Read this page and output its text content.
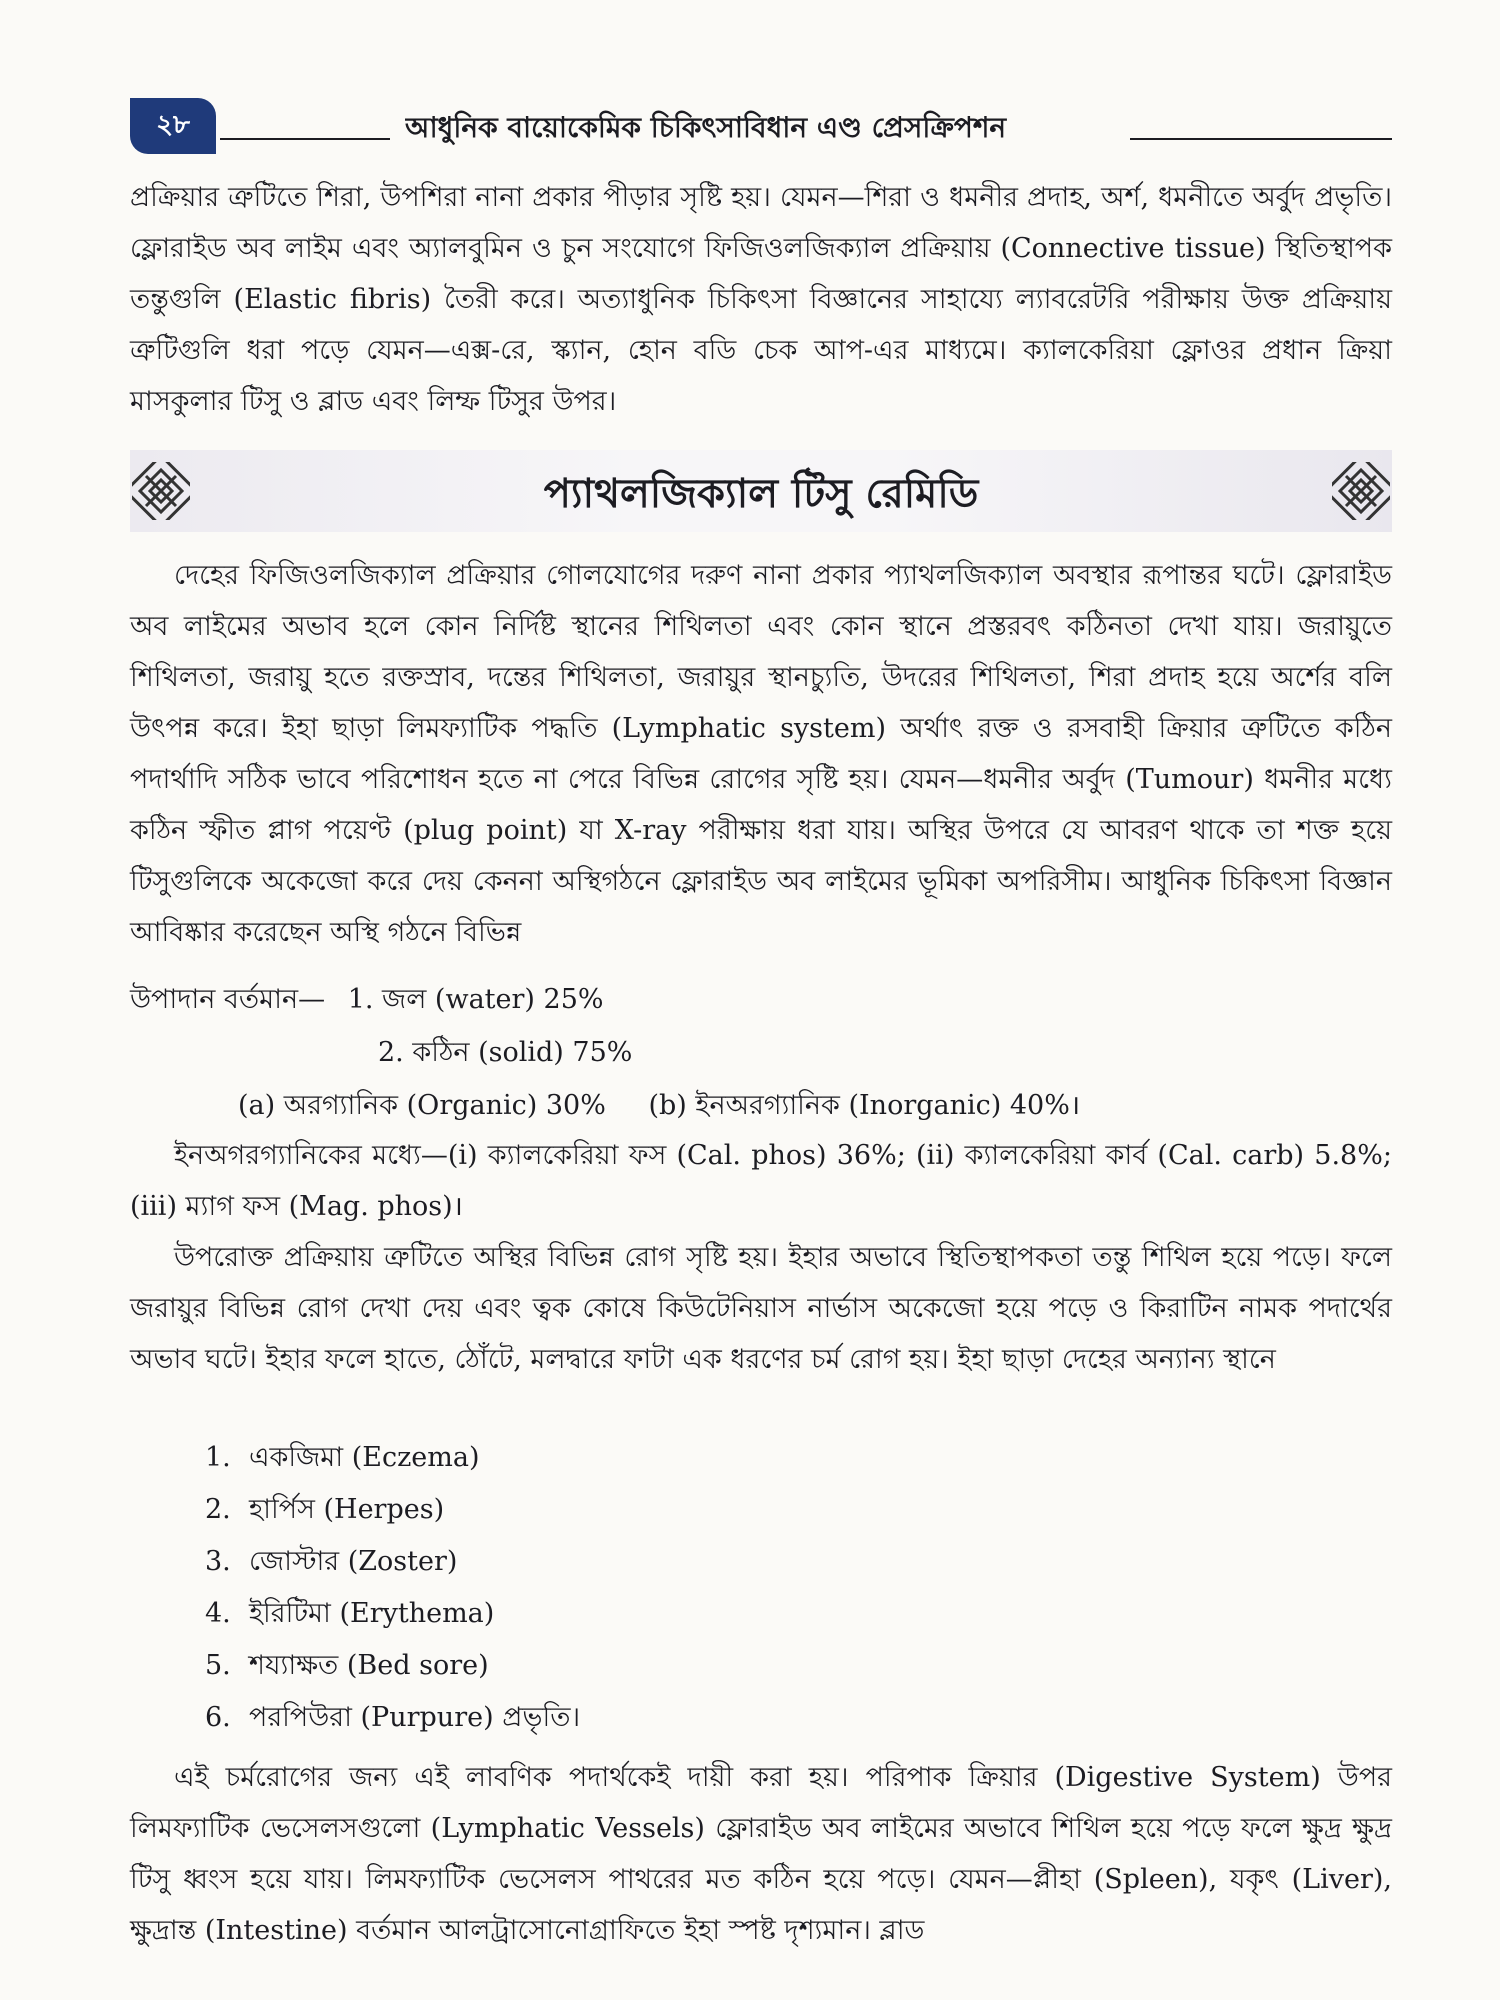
২৮	আধুনিক বায়োকেমিক চিকিৎসাবিধান এণ্ড প্রেসক্রিপশন

প্রক্রিয়ার ত্রুটিতে শিরা, উপশিরা নানা প্রকার পীড়ার সৃষ্টি হয়। যেমন—শিরা ও ধমনীর প্রদাহ, অর্শ, ধমনীতে অর্বুদ প্রভৃতি। ফ্লোরাইড অব লাইম এবং অ্যালবুমিন ও চুন সংযোগে ফিজিওলজিক্যাল প্রক্রিয়ায় (Connective tissue) স্থিতিস্থাপক তন্তুগুলি (Elastic fibris) তৈরী করে। অত্যাধুনিক চিকিৎসা বিজ্ঞানের সাহায্যে ল্যাবরেটরি পরীক্ষায় উক্ত প্রক্রিয়ায় ত্রুটিগুলি ধরা পড়ে যেমন—এক্স-রে, স্ক্যান, হোন বডি চেক আপ-এর মাধ্যমে। ক্যালকেরিয়া ফ্লোওর প্রধান ক্রিয়া মাসকুলার টিসু ও ব্লাড এবং লিম্ফ টিসুর উপর।

প্যাথলজিক্যাল টিসু রেমিডি

দেহের ফিজিওলজিক্যাল প্রক্রিয়ার গোলযোগের দরুণ নানা প্রকার প্যাথলজিক্যাল অবস্থার রূপান্তর ঘটে। ফ্লোরাইড অব লাইমের অভাব হলে কোন নির্দিষ্ট স্থানের শিথিলতা এবং কোন স্থানে প্রস্তরবৎ কঠিনতা দেখা যায়। জরায়ুতে শিথিলতা, জরায়ু হতে রক্তস্রাব, দন্তের শিথিলতা, জরায়ুর স্থানচ্যুতি, উদরের শিথিলতা, শিরা প্রদাহ হয়ে অর্শের বলি উৎপন্ন করে। ইহা ছাড়া লিমফ্যাটিক পদ্ধতি (Lymphatic system) অর্থাৎ রক্ত ও রসবাহী ক্রিয়ার ত্রুটিতে কঠিন পদার্থাদি সঠিক ভাবে পরিশোধন হতে না পেরে বিভিন্ন রোগের সৃষ্টি হয়। যেমন—ধমনীর অর্বুদ (Tumour) ধমনীর মধ্যে কঠিন স্ফীত প্লাগ পয়েণ্ট (plug point) যা X-ray পরীক্ষায় ধরা যায়। অস্থির উপরে যে আবরণ থাকে তা শক্ত হয়ে টিসুগুলিকে অকেজো করে দেয় কেননা অস্থিগঠনে ফ্লোরাইড অব লাইমের ভূমিকা অপরিসীম। আধুনিক চিকিৎসা বিজ্ঞান আবিষ্কার করেছেন অস্থি গঠনে বিভিন্ন

উপাদান বর্তমান— 1. জল (water) 25%
2. কঠিন (solid) 75%
(a) অরগ্যানিক (Organic) 30% (b) ইনঅরগ্যানিক (Inorganic) 40%।

ইনঅগরগ্যানিকের মধ্যে—(i) ক্যালকেরিয়া ফস (Cal. phos) 36%; (ii) ক্যালকেরিয়া কার্ব (Cal. carb) 5.8%; (iii) ম্যাগ ফস (Mag. phos)।

উপরোক্ত প্রক্রিয়ায় ত্রুটিতে অস্থির বিভিন্ন রোগ সৃষ্টি হয়। ইহার অভাবে স্থিতিস্থাপকতা তন্তু শিথিল হয়ে পড়ে। ফলে জরায়ুর বিভিন্ন রোগ দেখা দেয় এবং ত্বক কোষে কিউটেনিয়াস নার্ভাস অকেজো হয়ে পড়ে ও কিরাটিন নামক পদার্থের অভাব ঘটে। ইহার ফলে হাতে, ঠোঁটে, মলদ্বারে ফাটা এক ধরণের চর্ম রোগ হয়। ইহা ছাড়া দেহের অন্যান্য স্থানে

1. একজিমা (Eczema)
2. হার্পিস (Herpes)
3. জোস্টার (Zoster)
4. ইরিটিমা (Erythema)
5. শয্যাক্ষত (Bed sore)
6. পরপিউরা (Purpure) প্রভৃতি।

এই চর্মরোগের জন্য এই লাবণিক পদার্থকেই দায়ী করা হয়। পরিপাক ক্রিয়ার (Digestive System) উপর লিমফ্যাটিক ভেসেলসগুলো (Lymphatic Vessels) ফ্লোরাইড অব লাইমের অভাবে শিথিল হয়ে পড়ে ফলে ক্ষুদ্র ক্ষুদ্র টিসু ধ্বংস হয়ে যায়। লিমফ্যাটিক ভেসেলস পাথরের মত কঠিন হয়ে পড়ে। যেমন—প্লীহা (Spleen), যকৃৎ (Liver), ক্ষুদ্রান্ত (Intestine) বর্তমান আলট্রাসোনোগ্রাফিতে ইহা স্পষ্ট দৃশ্যমান। ব্লাড
